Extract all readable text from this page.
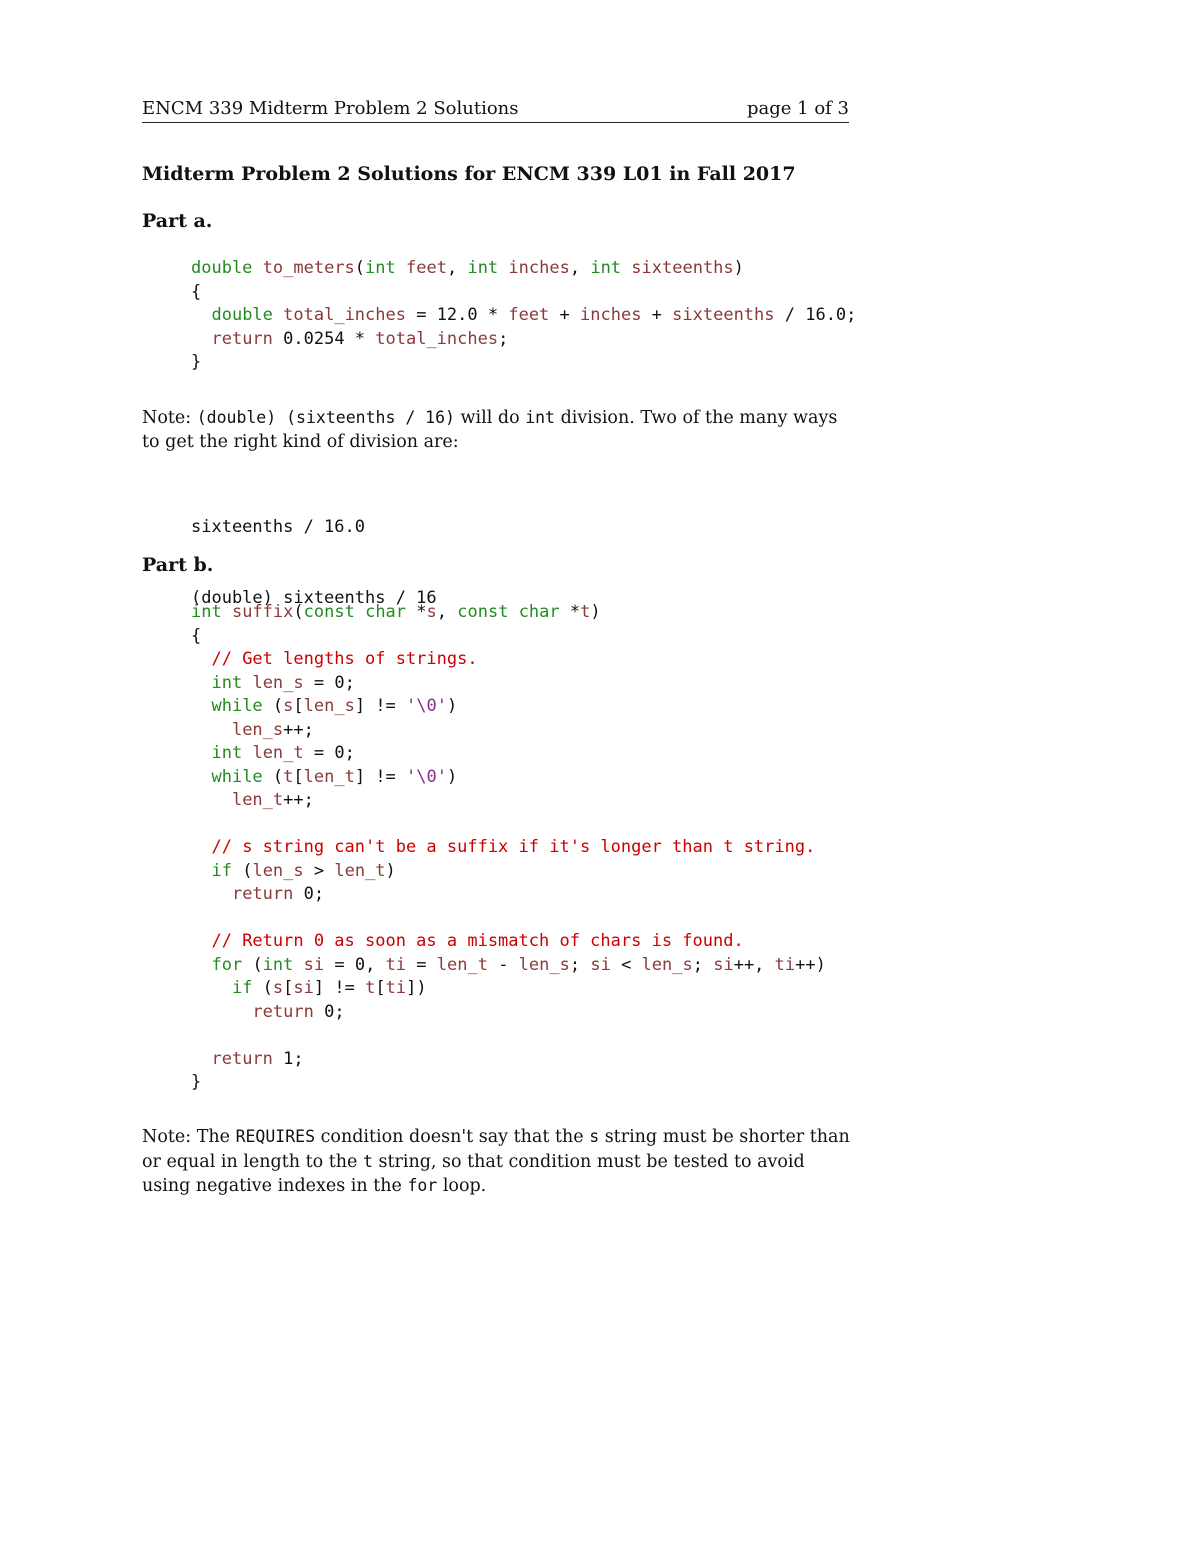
ENCM 339 Midterm Problem 2 Solutions	page 1 of 3
Midterm Problem 2 Solutions for ENCM 339 L01 in Fall 2017
Part a.
double to_meters(int feet, int inches, int sixteenths)
{
double total_inches = 12.0 * feet + inches + sixteenths / 16.0;
return 0.0254 * total_inches;
}
Note: (double) (sixteenths / 16) will do int division. Two of the many ways to get the right kind of division are:

sixteenths / 16.0

(double) sixteenths / 16

Part b.
int suffix(const char *s, const char *t)
{
// Get lengths of strings.
int len_s = 0;
while (s[len_s] != '\0')
len_s++;
int len_t = 0;
while (t[len_t] != '\0')
len_t++;

// s string can't be a suffix if it's longer than t string.
if (len_s > len_t)
return 0;

// Return 0 as soon as a mismatch of chars is found.
for (int si = 0, ti = len_t - len_s; si < len_s; si++, ti++)
if (s[si] != t[ti])
return 0;

return 1;
}
Note: The REQUIRES condition doesn't say that the s string must be shorter than or equal in length to the t string, so that condition must be tested to avoid using negative indexes in the for loop.
